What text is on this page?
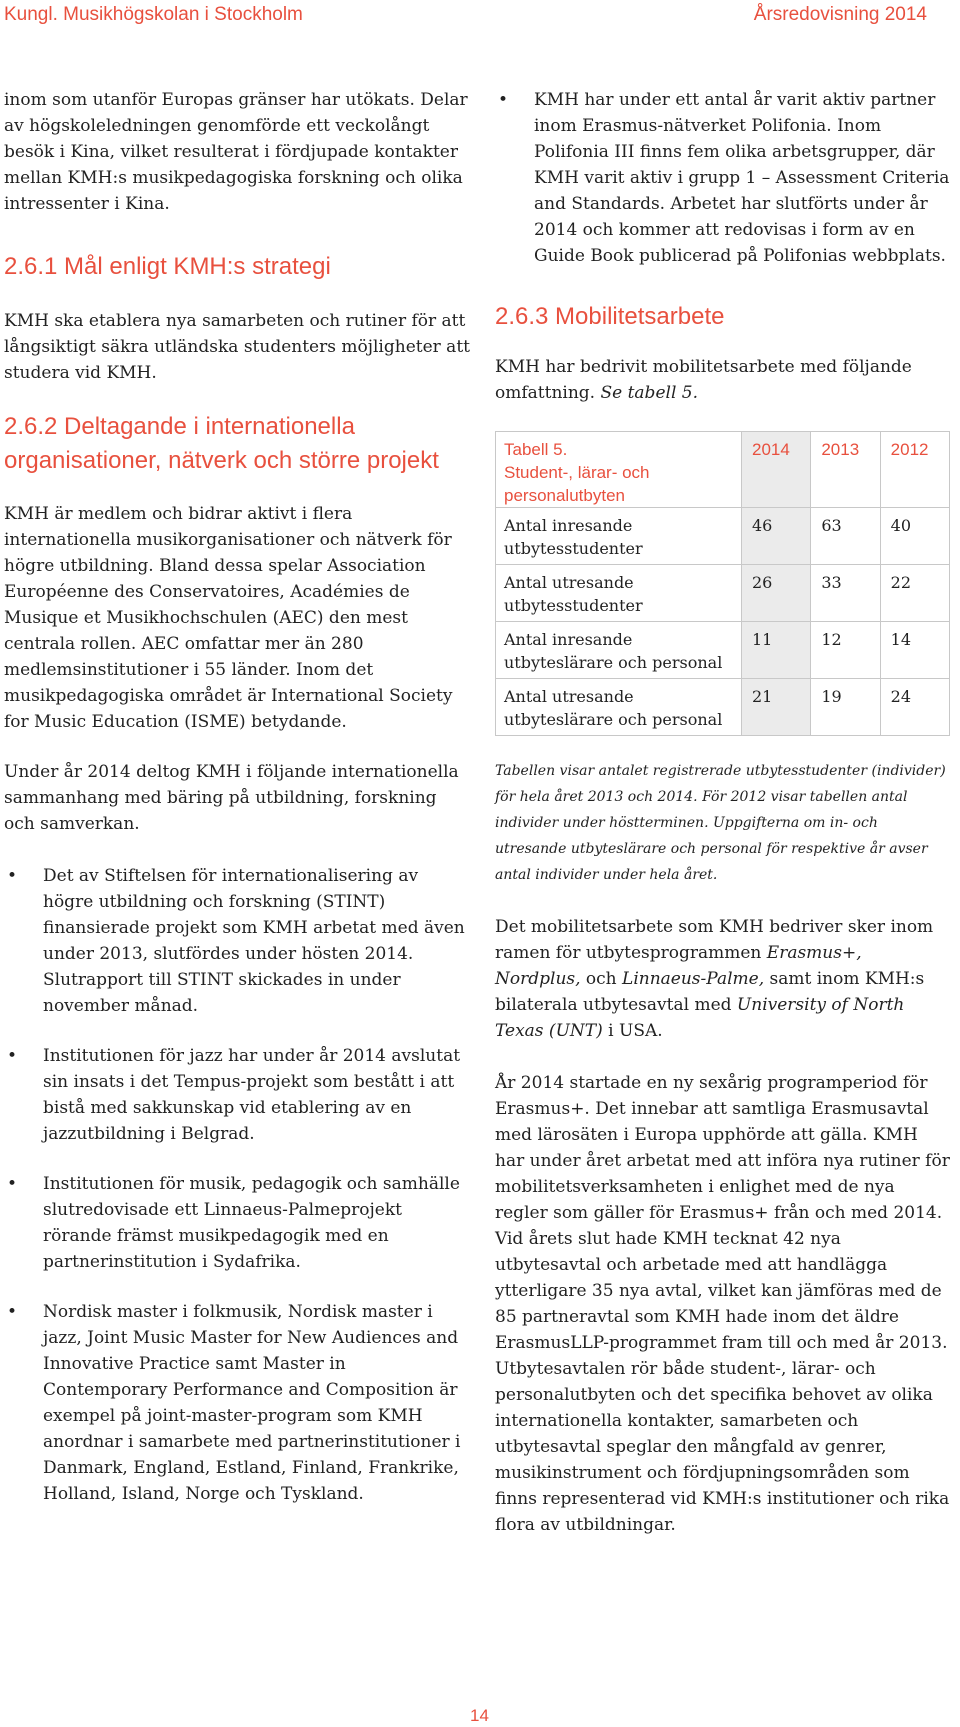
Kungl. Musikhögskolan i Stockholm	Årsredovisning 2014

inom som utanför Europas gränser har utökats. Delar av högskoleledningen genomförde ett veckolångt besök i Kina, vilket resulterat i fördjupade kontakter mellan KMH:s musikpedagogiska forskning och olika intressenter i Kina.

2.6.1 Mål enligt KMH:s strategi

KMH ska etablera nya samarbeten och rutiner för att långsiktigt säkra utländska studenters möjligheter att studera vid KMH.

2.6.2 Deltagande i internationella organisationer, nätverk och större projekt

KMH är medlem och bidrar aktivt i flera internationella musikorganisationer och nätverk för högre utbildning. Bland dessa spelar Association Européenne des Conservatoires, Académies de Musique et Musikhochschulen (AEC) den mest centrala rollen. AEC omfattar mer än 280 medlemsinstitutioner i 55 länder. Inom det musikpedagogiska området är International Society for Music Education (ISME) betydande.

Under år 2014 deltog KMH i följande internationella sammanhang med bäring på utbildning, forskning och samverkan.

• Det av Stiftelsen för internationalisering av högre utbildning och forskning (STINT) finansierade projekt som KMH arbetat med även under 2013, slutfördes under hösten 2014. Slutrapport till STINT skickades in under november månad.
• Institutionen för jazz har under år 2014 avslutat sin insats i det Tempus-projekt som bestått i att bistå med sakkunskap vid etablering av en jazzutbildning i Belgrad.
• Institutionen för musik, pedagogik och samhälle slutredovisade ett Linnaeus-Palmeprojekt rörande främst musikpedagogik med en partnerinstitution i Sydafrika.
• Nordisk master i folkmusik, Nordisk master i jazz, Joint Music Master for New Audiences and Innovative Practice samt Master in Contemporary Performance and Composition är exempel på joint-master-program som KMH anordnar i samarbete med partnerinstitutioner i Danmark, England, Estland, Finland, Frankrike, Holland, Island, Norge och Tyskland.
• KMH har under ett antal år varit aktiv partner inom Erasmus-nätverket Polifonia. Inom Polifonia III finns fem olika arbetsgrupper, där KMH varit aktiv i grupp 1 – Assessment Criteria and Standards. Arbetet har slutförts under år 2014 och kommer att redovisas i form av en Guide Book publicerad på Polifonias webbplats.
2.6.3 Mobilitetsarbete

KMH har bedrivit mobilitetsarbete med följande omfattning. Se tabell 5.

Tabell 5.
Student-, lärar- och personalutbyten	2014	2013	2012
Antal inresande utbytesstudenter	46	63	40
Antal utresande utbytesstudenter	26	33	22
Antal inresande utbyteslärare och personal	11	12	14
Antal utresande utbyteslärare och personal	21	19	24

Tabellen visar antalet registrerade utbytesstudenter (individer) för hela året 2013 och 2014. För 2012 visar tabellen antal individer under höstterminen. Uppgifterna om in- och utresande utbyteslärare och personal för respektive år avser antal individer under hela året.

Det mobilitetsarbete som KMH bedriver sker inom ramen för utbytesprogrammen Erasmus+, Nordplus, och Linnaeus-Palme, samt inom KMH:s bilaterala utbytesavtal med University of North Texas (UNT) i USA.

År 2014 startade en ny sexårig programperiod för Erasmus+. Det innebar att samtliga Erasmusavtal med lärosäten i Europa upphörde att gälla. KMH har under året arbetat med att införa nya rutiner för mobilitetsverksamheten i enlighet med de nya regler som gäller för Erasmus+ från och med 2014. Vid årets slut hade KMH tecknat 42 nya utbytesavtal och arbetade med att handlägga ytterligare 35 nya avtal, vilket kan jämföras med de 85 partneravtal som KMH hade inom det äldre ErasmusLLP-programmet fram till och med år 2013. Utbytesavtalen rör både student-, lärar- och personalutbyten och det specifika behovet av olika internationella kontakter, samarbeten och utbytesavtal speglar den mångfald av genrer, musikinstrument och fördjupningsområden som finns representerad vid KMH:s institutioner och rika flora av utbildningar.

14
